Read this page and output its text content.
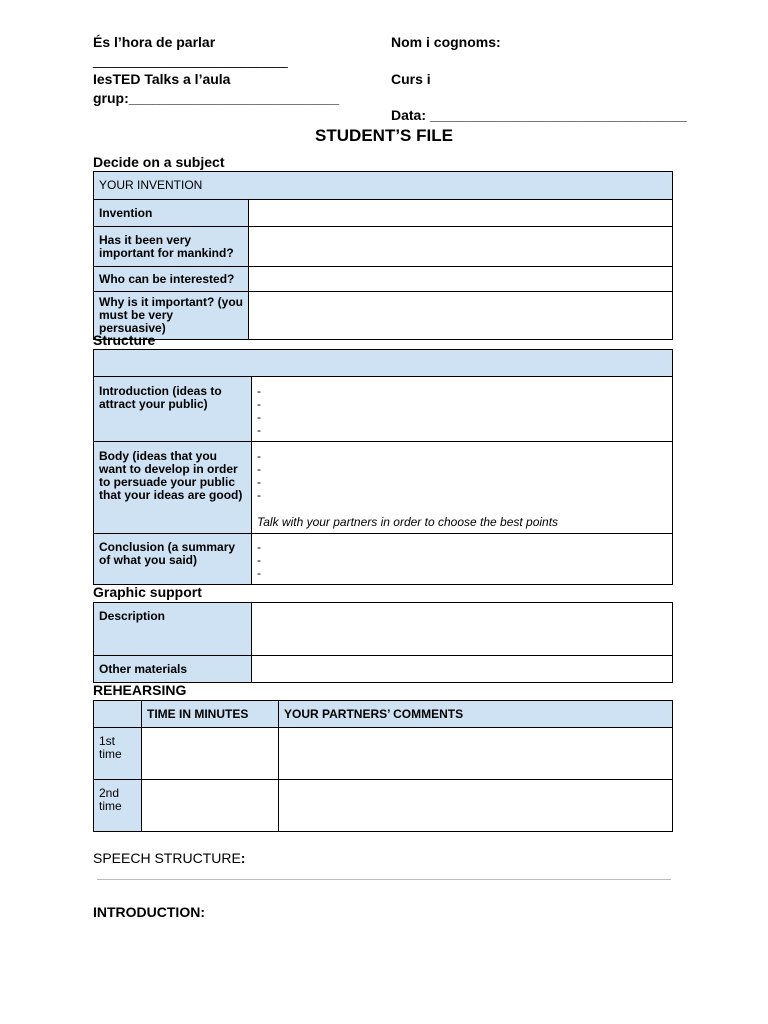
És l’hora de parlar
_________________________
IesTED Talks a l’aula
grup:___________________________
Nom i cognoms:
Curs i
Data: _________________________________
STUDENT’S FILE
Decide on a subject
YOUR INVENTION	
Invention	
Has it been very important for mankind?	
Who can be interested?	
Why is it important? (you must be very persuasive)	
Structure

Introduction (ideas to attract your public)	-
-
-
-

Body (ideas that you want to develop in order to persuade your public that your ideas are good)	-
-
-
-
Talk with your partners in order to choose the best points

Conclusion (a summary of what you said)	-
-
-
Graphic support
Description	
Other materials	
REHEARSING
	TIME IN MINUTES	YOUR PARTNERS’ COMMENTS
1st time		
2nd time		
SPEECH STRUCTURE:
INTRODUCTION:
